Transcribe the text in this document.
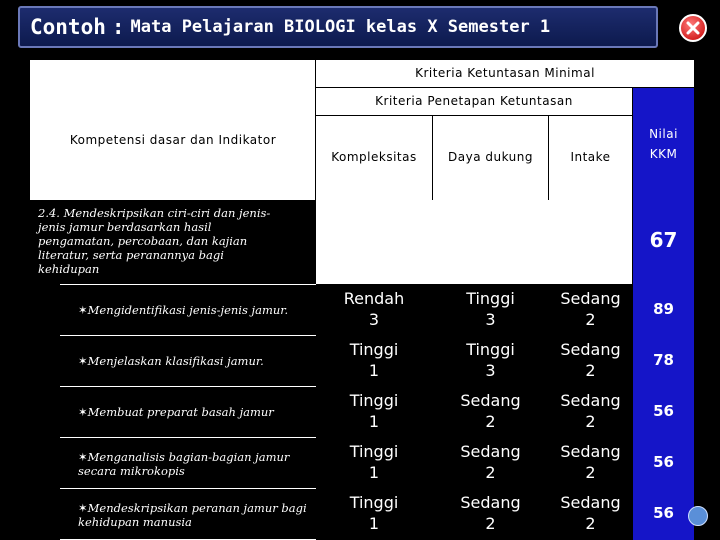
Contoh : Mata Pelajaran BIOLOGI kelas X Semester 1
Kriteria Ketuntasan Minimal
Kriteria Penetapan Ketuntasan
Kompetensi dasar dan Indikator
Kompleksitas	Daya dukung	Intake
Nilai KKM
2.4. Mendeskripsikan ciri-ciri dan jenis-jenis jamur berdasarkan hasil pengamatan, percobaan, dan kajian literatur, serta peranannya bagi kehidupan
67
✶Mengidentifikasi jenis-jenis jamur.
Rendah
3
Tinggi
3
Sedang
2
89
✶Menjelaskan klasifikasi jamur.
Tinggi
1
Tinggi
3
Sedang
2
78
✶Membuat preparat basah jamur
Tinggi
1
Sedang
2
Sedang
2
56
✶Menganalisis bagian-bagian jamur secara mikrokopis
Tinggi
1
Sedang
2
Sedang
2
56
✶Mendeskripsikan peranan jamur bagi kehidupan manusia
Tinggi
1
Sedang
2
Sedang
2
56
